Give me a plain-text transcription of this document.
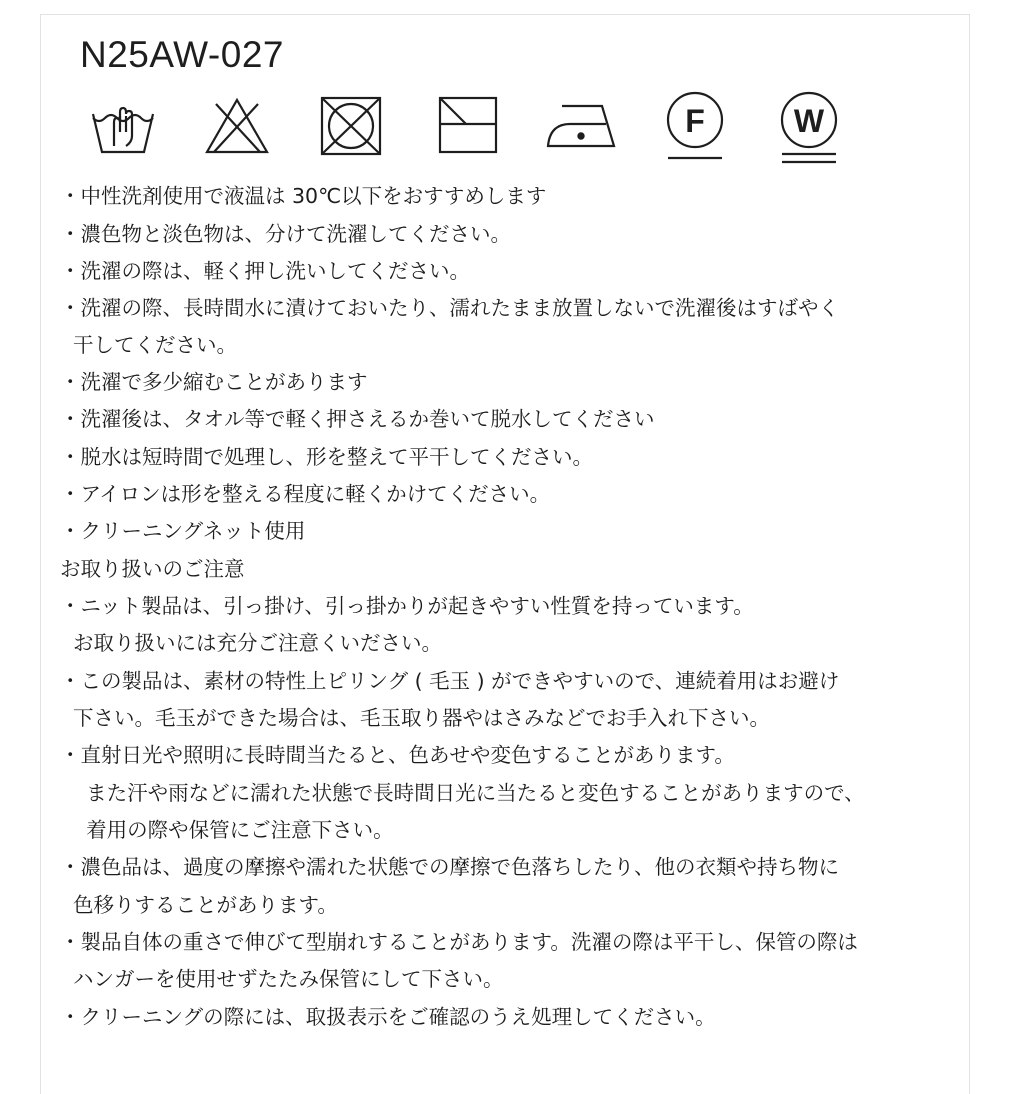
N25AW-027
F	W
・中性洗剤使用で液温は 30℃以下をおすすめします
・濃色物と淡色物は、分けて洗濯してください。
・洗濯の際は、軽く押し洗いしてください。
・洗濯の際、長時間水に漬けておいたり、濡れたまま放置しないで洗濯後はすばやく
干してください。
・洗濯で多少縮むことがあります
・洗濯後は、タオル等で軽く押さえるか巻いて脱水してください
・脱水は短時間で処理し、形を整えて平干してください。
・アイロンは形を整える程度に軽くかけてください。
・クリーニングネット使用
お取り扱いのご注意
・ニット製品は、引っ掛け、引っ掛かりが起きやすい性質を持っています。
お取り扱いには充分ご注意くいださい。
・この製品は、素材の特性上ピリング ( 毛玉 ) ができやすいので、連続着用はお避け
下さい。毛玉ができた場合は、毛玉取り器やはさみなどでお手入れ下さい。
・直射日光や照明に長時間当たると、色あせや変色することがあります。
また汗や雨などに濡れた状態で長時間日光に当たると変色することがありますので、
着用の際や保管にご注意下さい。
・濃色品は、過度の摩擦や濡れた状態での摩擦で色落ちしたり、他の衣類や持ち物に
色移りすることがあります。
・製品自体の重さで伸びて型崩れすることがあります。洗濯の際は平干し、保管の際は
ハンガーを使用せずたたみ保管にして下さい。
・クリーニングの際には、取扱表示をご確認のうえ処理してください。
